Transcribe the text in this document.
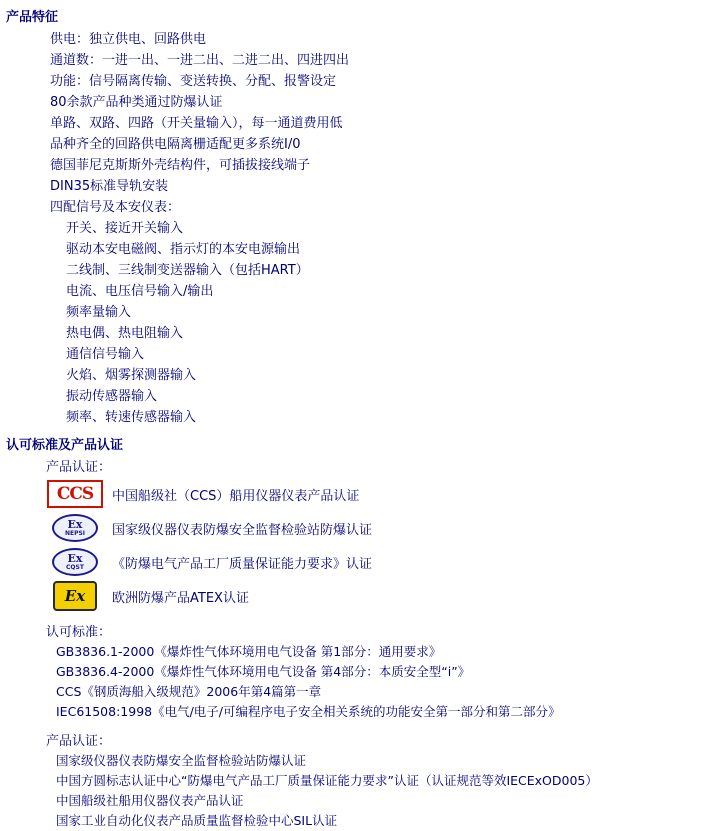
产品特征
供电：独立供电、回路供电
通道数：一进一出、一进二出、二进二出、四进四出
功能：信号隔离传输、变送转换、分配、报警设定
80余款产品种类通过防爆认证
单路、双路、四路（开关量输入），每一通道费用低
品种齐全的回路供电隔离栅适配更多系统I/0
德国菲尼克斯斯外壳结构件，可插拔接线端子
DIN35标准导轨安装
四配信号及本安仪表：
开关、接近开关输入
驱动本安电磁阀、指示灯的本安电源输出
二线制、三线制变送器输入（包括HART）
电流、电压信号输入/输出
频率量输入
热电偶、热电阻输入
通信信号输入
火焰、烟雾探测器输入
振动传感器输入
频率、转速传感器输入
认可标准及产品认证
产品认证：
CCS 中国船级社（CCS）船用仪器仪表产品认证
Ex
NEPSI 国家级仪器仪表防爆安全监督检验站防爆认证
Ex
CQST 《防爆电气产品工厂质量保证能力要求》认证
Ex 欧洲防爆产品ATEX认证
认可标准：
GB3836.1-2000《爆炸性气体环境用电气设备 第1部分：通用要求》
GB3836.4-2000《爆炸性气体环境用电气设备 第4部分：本质安全型“i”》
CCS《钢质海船入级规范》2006年第4篇第一章
IEC61508:1998《电气/电子/可编程序电子安全相关系统的功能安全第一部分和第二部分》
产品认证：
国家级仪器仪表防爆安全监督检验站防爆认证
中国方圆标志认证中心“防爆电气产品工厂质量保证能力要求”认证（认证规范等效IECExOD005）
中国船级社船用仪器仪表产品认证
国家工业自动化仪表产品质量监督检验中心SIL认证
